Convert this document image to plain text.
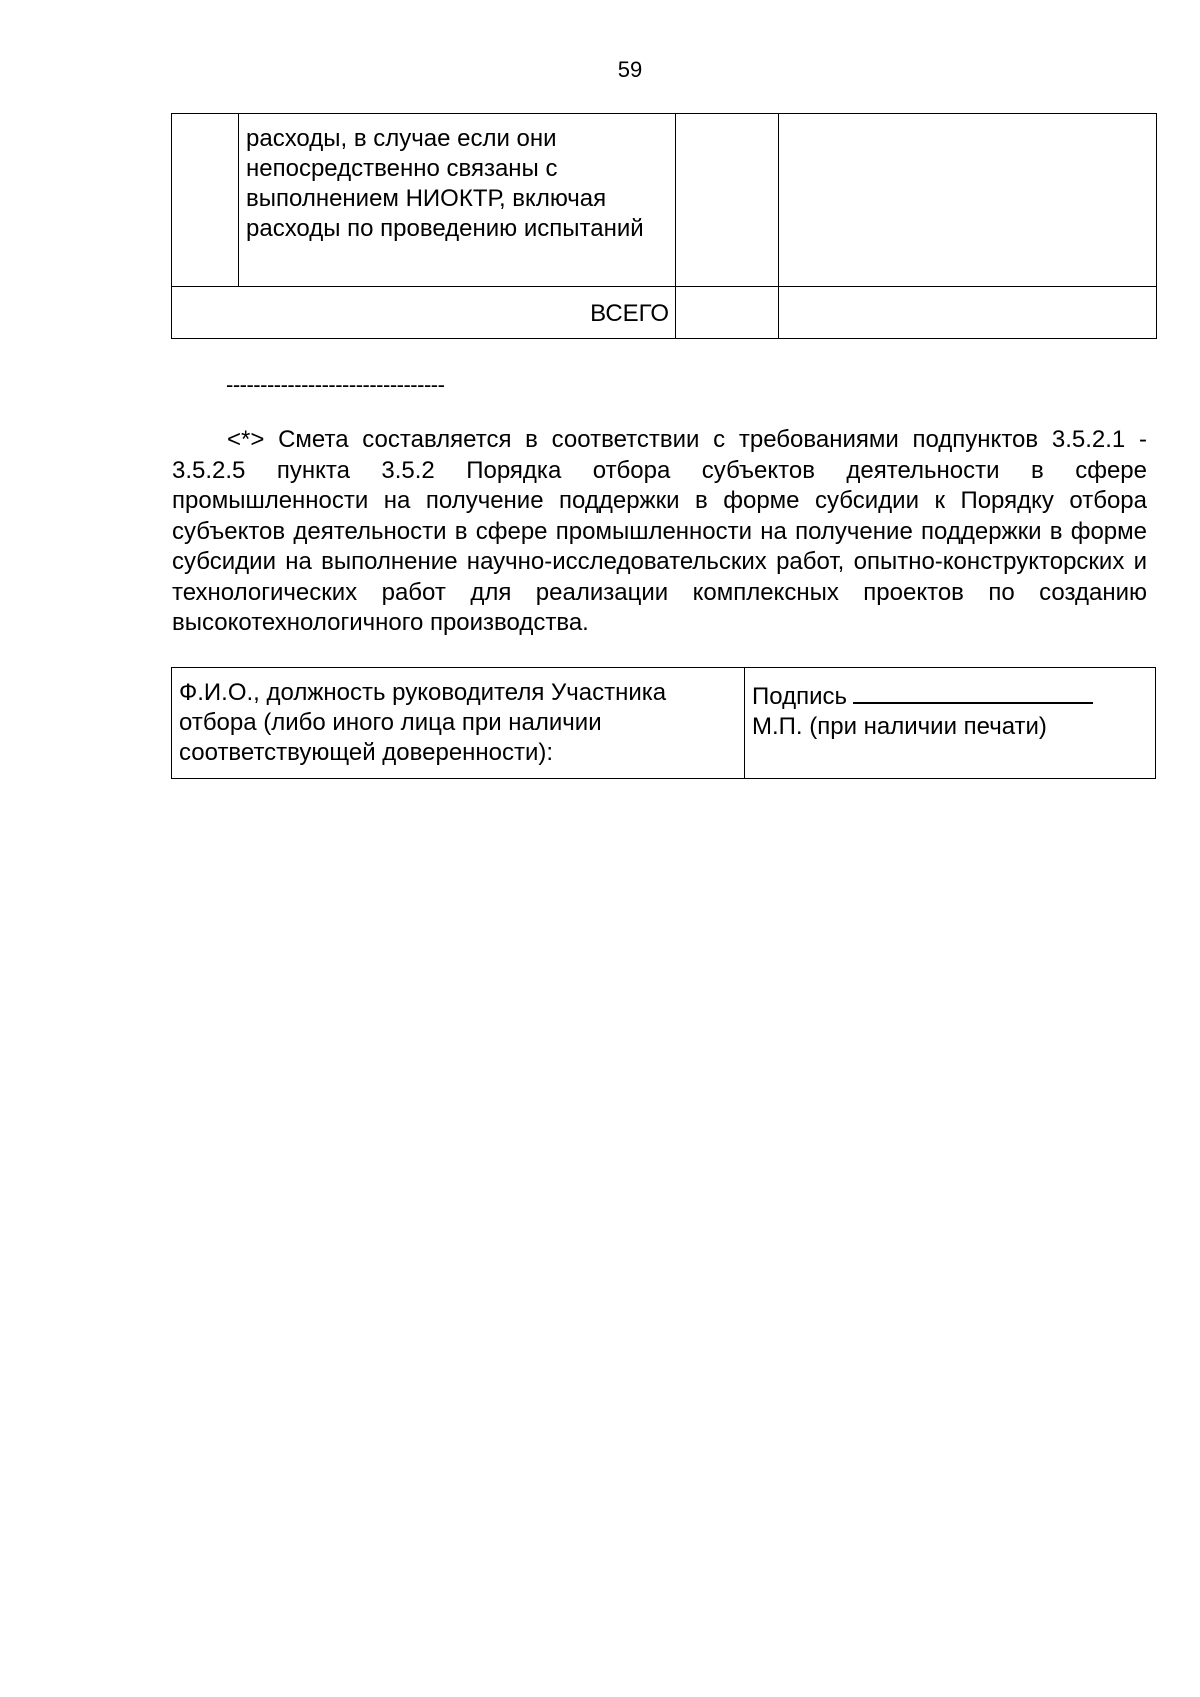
59

	расходы, в случае если они непосредственно связаны с выполнением НИОКТР, включая расходы по проведению испытаний		

ВСЕГО			

--------------------------------

<*> Смета составляется в соответствии с требованиями подпунктов 3.5.2.1 - 3.5.2.5 пункта 3.5.2 Порядка отбора субъектов деятельности в сфере промышленности на получение поддержки в форме субсидии к Порядку отбора субъектов деятельности в сфере промышленности на получение поддержки в форме субсидии на выполнение научно-исследовательских работ, опытно-конструкторских и технологических работ для реализации комплексных проектов по созданию высокотехнологичного производства.

Ф.И.О., должность руководителя Участника отбора (либо иного лица при наличии соответствующей доверенности):

Подпись
М.П. (при наличии печати)
